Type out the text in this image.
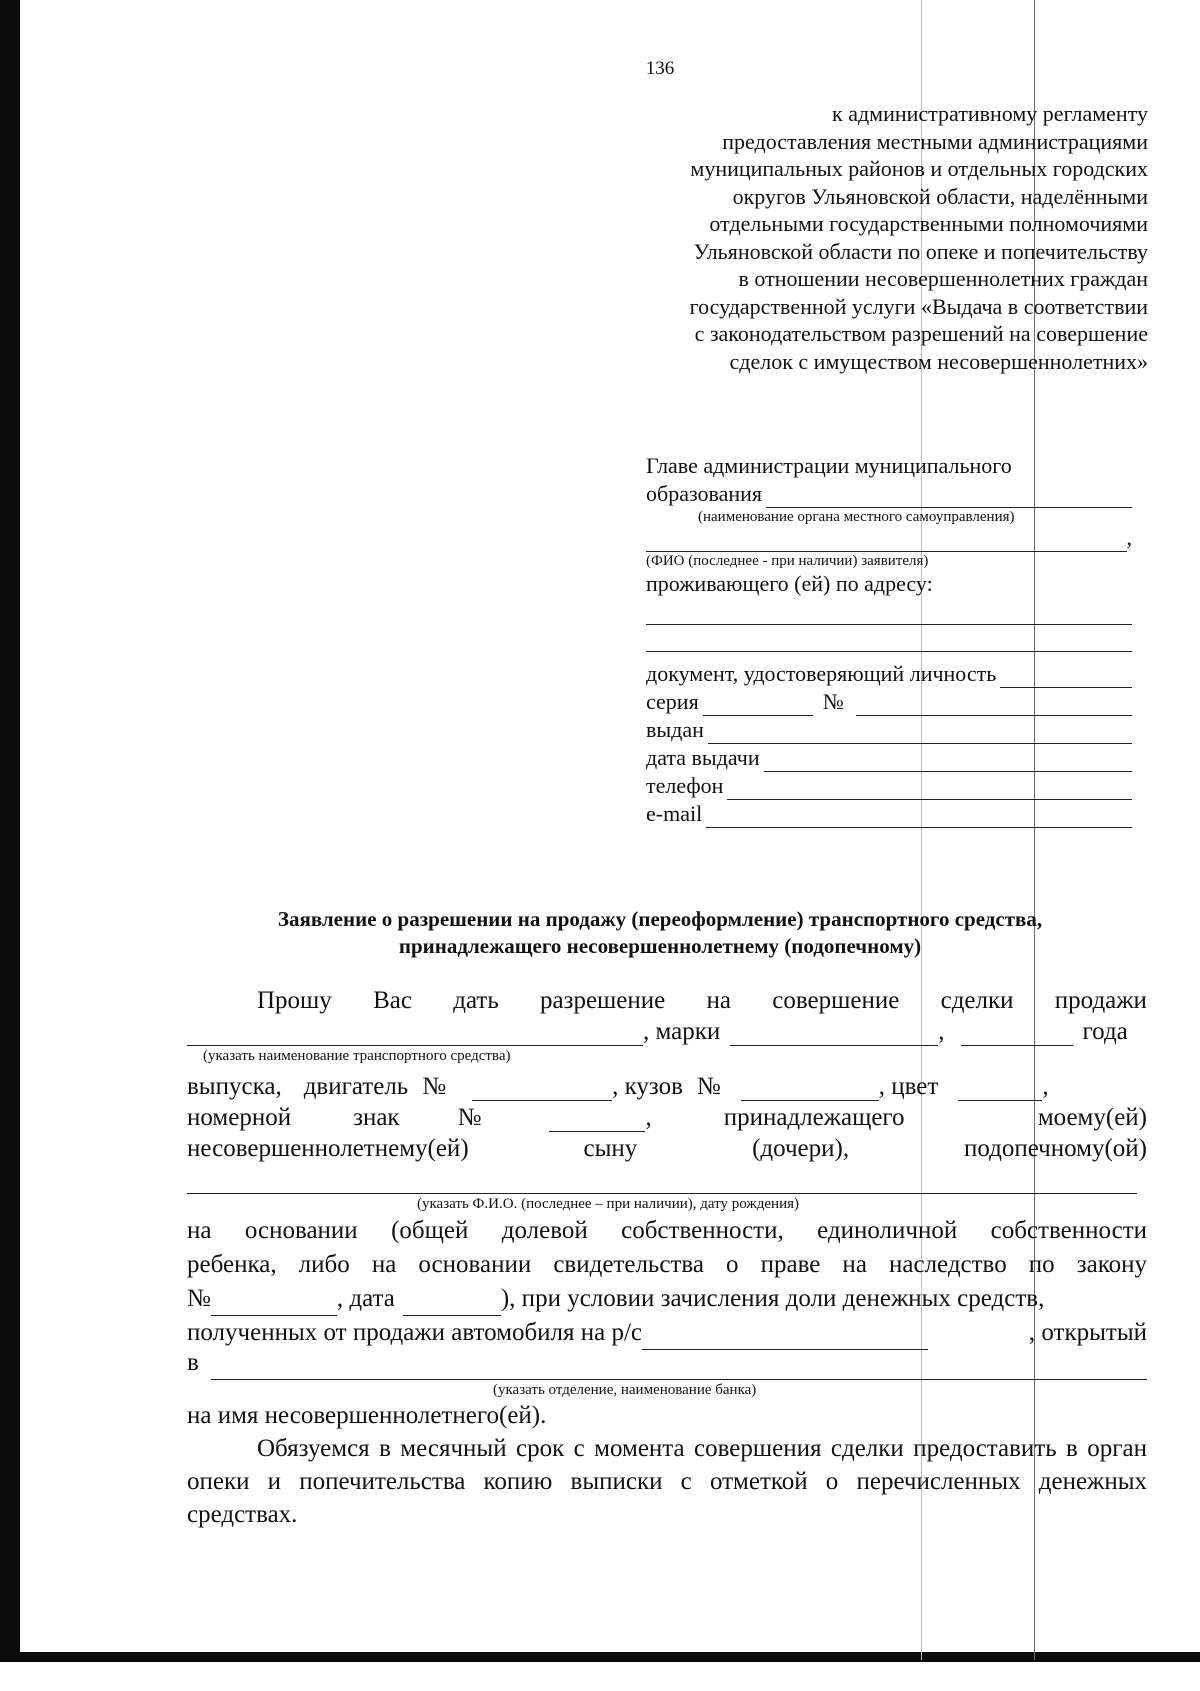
136
к административному регламенту
предоставления местными администрациями
муниципальных районов и отдельных городских
округов Ульяновской области, наделёнными
отдельными государственными полномочиями
Ульяновской области по опеке и попечительству
в отношении несовершеннолетних граждан
государственной услуги «Выдача в соответствии
с законодательством разрешений на совершение
сделок с имуществом несовершеннолетних»
Главе администрации муниципального
образования
(наименование органа местного самоуправления)
,
(ФИО (последнее - при наличии) заявителя)
проживающего (ей) по адресу:
документ, удостоверяющий личность
серия	№
выдан
дата выдачи
телефон
e-mail
Заявление о разрешении на продажу (переоформление) транспортного средства,
принадлежащего несовершеннолетнему (подопечному)
Прошу Вас дать разрешение на совершение сделки продажи
, марки	,	года
(указать наименование транспортного средства)
выпуска, двигатель №	, кузов №	, цвет	,
номерной знак №	,	принадлежащего	моему(ей)
несовершеннолетнему(ей)	сыну	(дочери),	подопечному(ой)
(указать Ф.И.О. (последнее – при наличии), дату рождения)
на основании (общей долевой собственности, единоличной собственности
ребенка, либо на основании свидетельства о праве на наследство по закону
№	, дата	), при условии зачисления доли денежных средств,
полученных от продажи автомобиля на р/с	, открытый
в
(указать отделение, наименование банка)
на имя несовершеннолетнего(ей).
Обязуемся в месячный срок с момента совершения сделки предоставить в орган опеки и попечительства копию выписки с отметкой о перечисленных денежных средствах.
